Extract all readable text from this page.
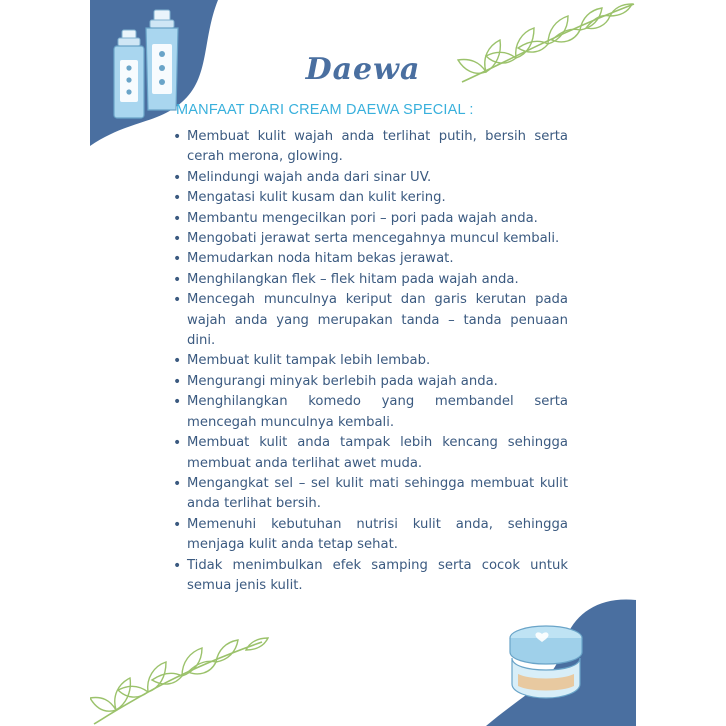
Daewa
MANFAAT DARI CREAM DAEWA SPECIAL :
• Membuat kulit wajah anda terlihat putih, bersih serta cerah merona, glowing.
• Melindungi wajah anda dari sinar UV.
• Mengatasi kulit kusam dan kulit kering.
• Membantu mengecilkan pori – pori pada wajah anda.
• Mengobati jerawat serta mencegahnya muncul kembali.
• Memudarkan noda hitam bekas jerawat.
• Menghilangkan flek – flek hitam pada wajah anda.
• Mencegah munculnya keriput dan garis kerutan pada wajah anda yang merupakan tanda – tanda penuaan dini.
• Membuat kulit tampak lebih lembab.
• Mengurangi minyak berlebih pada wajah anda.
• Menghilangkan komedo yang membandel serta mencegah munculnya kembali.
• Membuat kulit anda tampak lebih kencang sehingga membuat anda terlihat awet muda.
• Mengangkat sel – sel kulit mati sehingga membuat kulit anda terlihat bersih.
• Memenuhi kebutuhan nutrisi kulit anda, sehingga menjaga kulit anda tetap sehat.
• Tidak menimbulkan efek samping serta cocok untuk semua jenis kulit.
